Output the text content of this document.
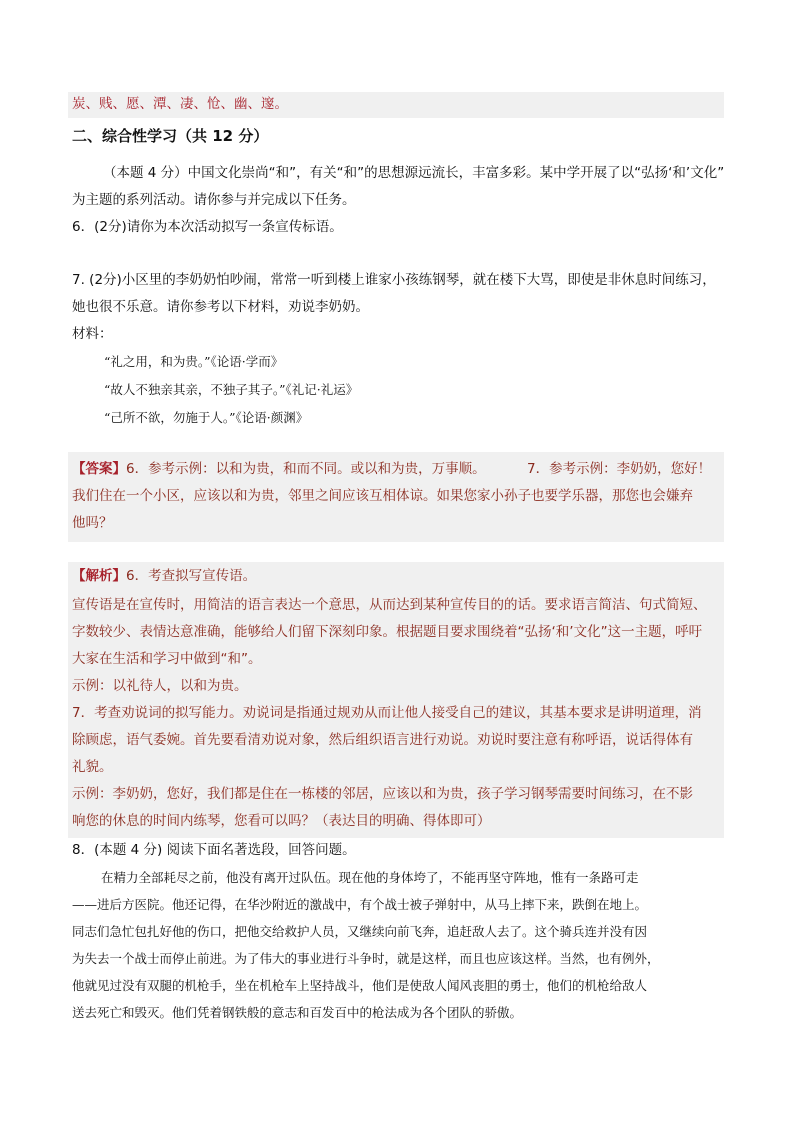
炭、贱、愿、潭、凄、怆、幽、邃。
二、综合性学习（共 12 分）
（本题 4 分）中国文化崇尚“和”，有关“和”的思想源远流长，丰富多彩。某中学开展了以“弘扬‘和’文化”
为主题的系列活动。请你参与并完成以下任务。
6．(2分)请你为本次活动拟写一条宣传标语。
7. (2分)小区里的李奶奶怕吵闹，常常一听到楼上谁家小孩练钢琴，就在楼下大骂，即使是非休息时间练习，
她也很不乐意。请你参考以下材料，劝说李奶奶。
材料：
“礼之用，和为贵。”《论语·学而》
“故人不独亲其亲，不独子其子。”《礼记·礼运》
“己所不欲，勿施于人。”《论语·颜渊》
【答案】6．参考示例：以和为贵，和而不同。或以和为贵，万事顺。	7．参考示例：李奶奶，您好！
我们住在一个小区，应该以和为贵，邻里之间应该互相体谅。如果您家小孙子也要学乐器，那您也会嫌弃
他吗？
【解析】6．考查拟写宣传语。
宣传语是在宣传时，用简洁的语言表达一个意思，从而达到某种宣传目的的话。要求语言简洁、句式简短、
字数较少、表情达意准确，能够给人们留下深刻印象。根据题目要求围绕着“弘扬‘和’文化”这一主题，呼吁
大家在生活和学习中做到“和”。
示例：以礼待人，以和为贵。
7．考查劝说词的拟写能力。劝说词是指通过规劝从而让他人接受自己的建议，其基本要求是讲明道理，消
除顾虑，语气委婉。首先要看清劝说对象，然后组织语言进行劝说。劝说时要注意有称呼语，说话得体有
礼貌。
示例：李奶奶，您好，我们都是住在一栋楼的邻居，应该以和为贵，孩子学习钢琴需要时间练习，在不影
响您的休息的时间内练琴，您看可以吗？（表达目的明确、得体即可）
8．(本题 4 分) 阅读下面名著选段，回答问题。
在精力全部耗尽之前，他没有离开过队伍。现在他的身体垮了，不能再坚守阵地，惟有一条路可走
——进后方医院。他还记得，在华沙附近的激战中，有个战士被子弹射中，从马上摔下来，跌倒在地上。
同志们急忙包扎好他的伤口，把他交给救护人员，又继续向前飞奔，追赶敌人去了。这个骑兵连并没有因
为失去一个战士而停止前进。为了伟大的事业进行斗争时，就是这样，而且也应该这样。当然，也有例外，
他就见过没有双腿的机枪手，坐在机枪车上坚持战斗，他们是使敌人闻风丧胆的勇士，他们的机枪给敌人
送去死亡和毁灭。他们凭着钢铁般的意志和百发百中的枪法成为各个团队的骄傲。
